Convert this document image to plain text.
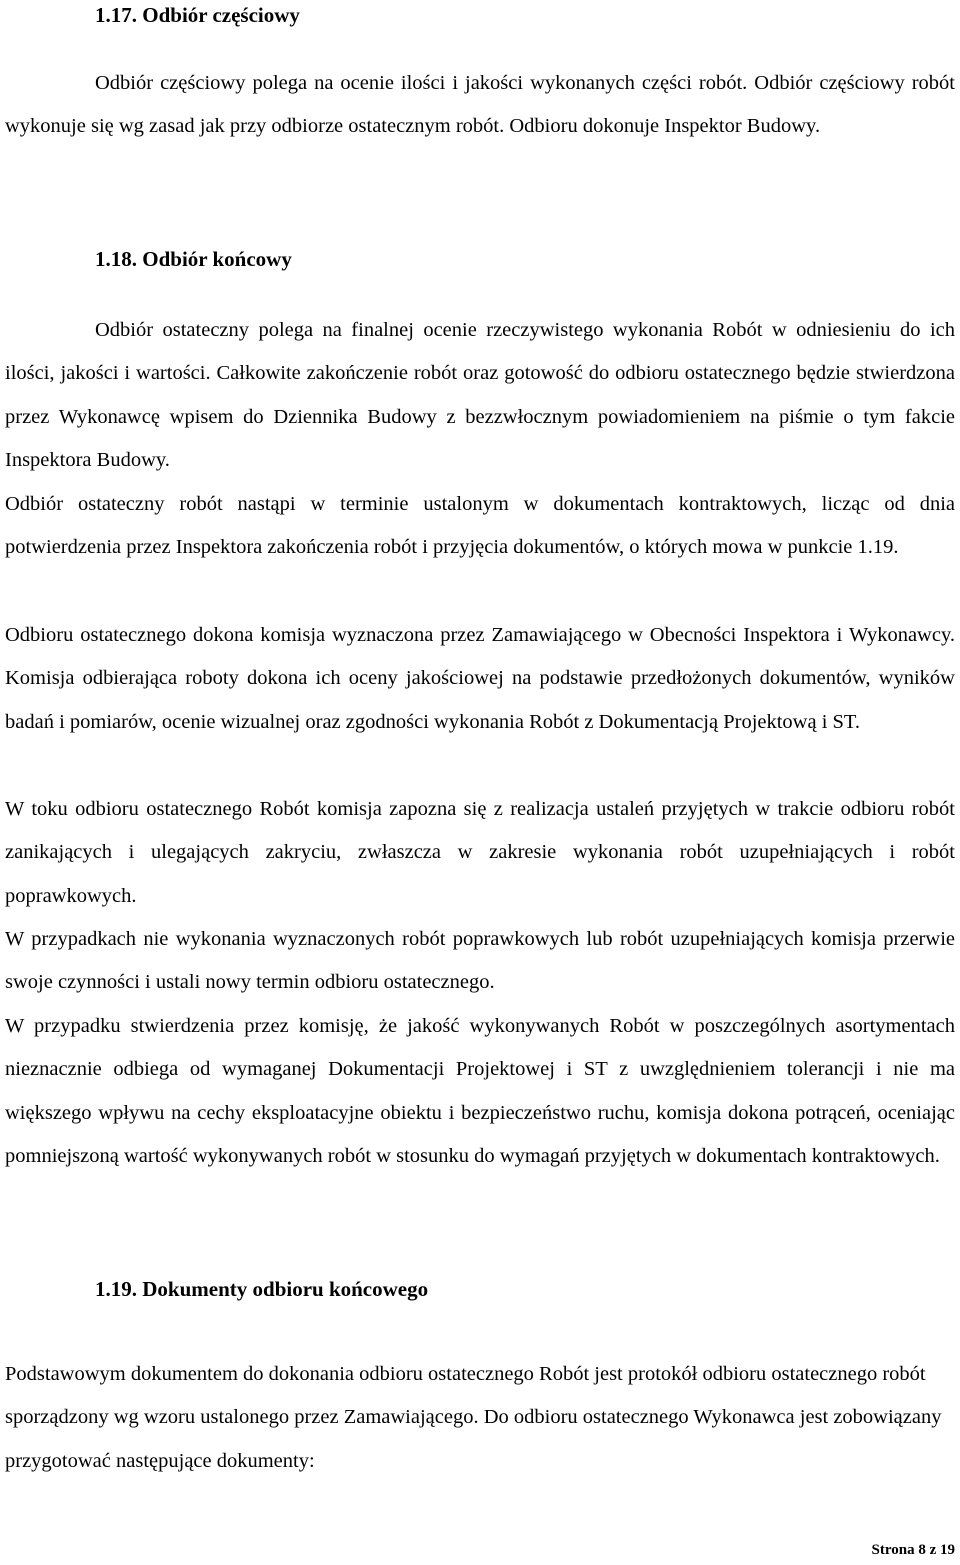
1.17. Odbiór częściowy
Odbiór częściowy polega na ocenie ilości i jakości wykonanych części robót. Odbiór częściowy robót wykonuje się wg zasad jak przy odbiorze ostatecznym robót. Odbioru dokonuje Inspektor Budowy.
1.18. Odbiór końcowy
Odbiór ostateczny polega na finalnej ocenie rzeczywistego wykonania Robót w odniesieniu do ich ilości, jakości i wartości. Całkowite zakończenie robót oraz gotowość do odbioru ostatecznego będzie stwierdzona przez Wykonawcę wpisem do Dziennika Budowy z bezzwłocznym powiadomieniem na piśmie o tym fakcie Inspektora Budowy.
Odbiór ostateczny robót nastąpi w terminie ustalonym w dokumentach kontraktowych, licząc od dnia potwierdzenia przez Inspektora zakończenia robót i przyjęcia dokumentów, o których mowa w punkcie 1.19.
Odbioru ostatecznego dokona komisja wyznaczona przez Zamawiającego w Obecności Inspektora i Wykonawcy. Komisja odbierająca roboty dokona ich oceny jakościowej na podstawie przedłożonych dokumentów, wyników badań i pomiarów, ocenie wizualnej oraz zgodności wykonania Robót z Dokumentacją Projektową i ST.
W toku odbioru ostatecznego Robót komisja zapozna się z realizacja ustaleń przyjętych w trakcie odbioru robót zanikających i ulegających zakryciu, zwłaszcza w zakresie wykonania robót uzupełniających i robót poprawkowych.
W przypadkach nie wykonania wyznaczonych robót poprawkowych lub robót uzupełniających komisja przerwie swoje czynności i ustali nowy termin odbioru ostatecznego.
W przypadku stwierdzenia przez komisję, że jakość wykonywanych Robót w poszczególnych asortymentach nieznacznie odbiega od wymaganej Dokumentacji Projektowej i ST z uwzględnieniem tolerancji i nie ma większego wpływu na cechy eksploatacyjne obiektu i bezpieczeństwo ruchu, komisja dokona potrąceń, oceniając pomniejszoną wartość wykonywanych robót w stosunku do wymagań przyjętych w dokumentach kontraktowych.
1.19. Dokumenty odbioru końcowego
Podstawowym dokumentem do dokonania odbioru ostatecznego Robót jest protokół odbioru ostatecznego robót sporządzony wg wzoru ustalonego przez Zamawiającego. Do odbioru ostatecznego Wykonawca jest zobowiązany przygotować następujące dokumenty:
Strona 8 z 19
